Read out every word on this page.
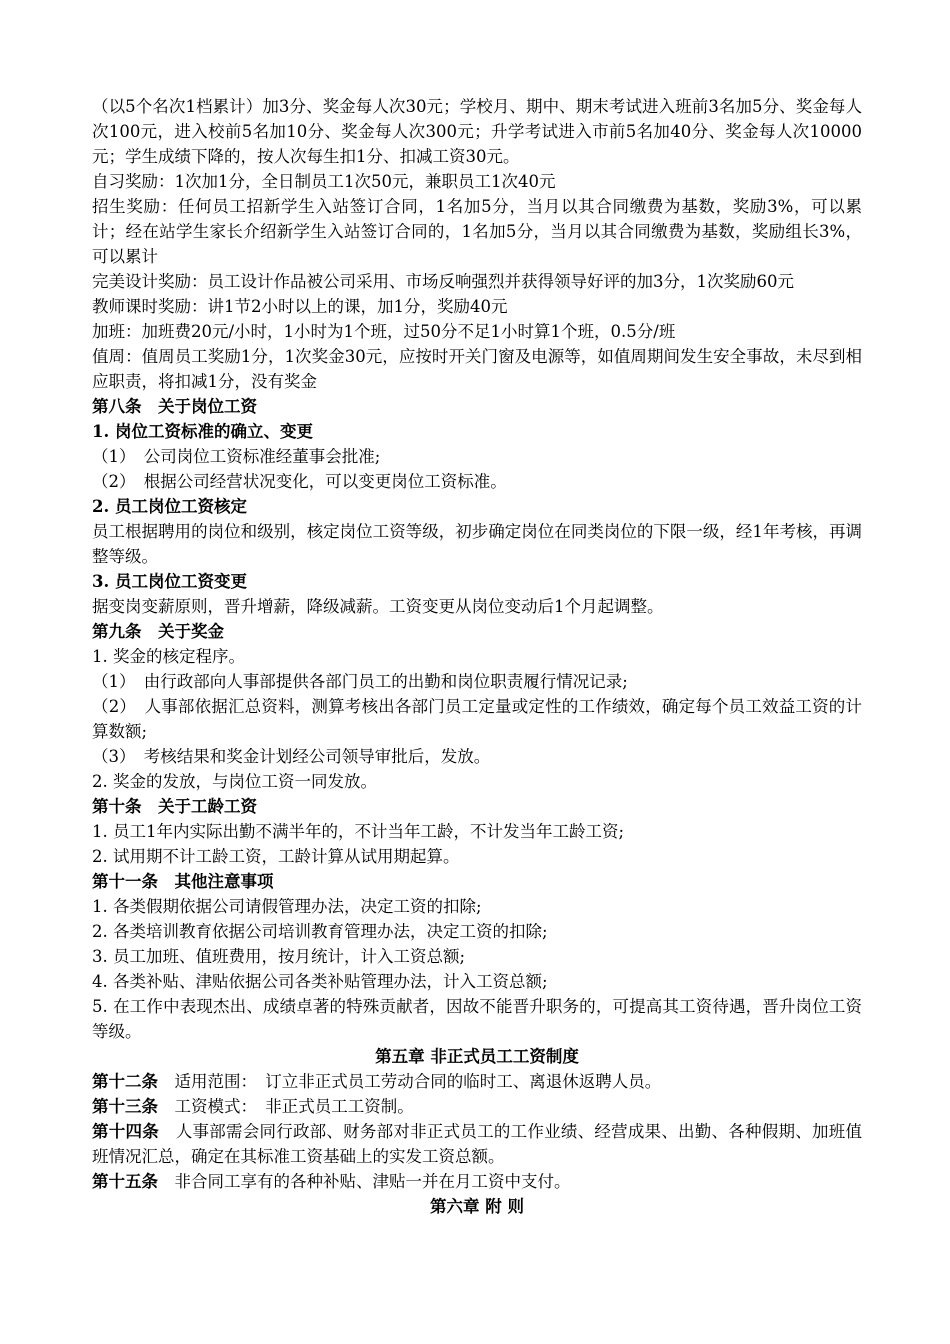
（以5个名次1档累计）加3分、奖金每人次30元；学校月、期中、期末考试进入班前3名加5分、奖金每人次100元，进入校前5名加10分、奖金每人次300元；升学考试进入市前5名加40分、奖金每人次10000元；学生成绩下降的，按人次每生扣1分、扣减工资30元。

自习奖励：1次加1分，全日制员工1次50元，兼职员工1次40元

招生奖励：任何员工招新学生入站签订合同，1名加5分，当月以其合同缴费为基数，奖励3%，可以累计；经在站学生家长介绍新学生入站签订合同的，1名加5分，当月以其合同缴费为基数，奖励组长3%，可以累计

完美设计奖励：员工设计作品被公司采用、市场反响强烈并获得领导好评的加3分，1次奖励60元

教师课时奖励：讲1节2小时以上的课，加1分，奖励40元

加班：加班费20元/小时，1小时为1个班，过50分不足1小时算1个班，0.5分/班

值周：值周员工奖励1分，1次奖金30元，应按时开关门窗及电源等，如值周期间发生安全事故，未尽到相应职责，将扣减1分，没有奖金

第八条　关于岗位工资

1. 岗位工资标准的确立、变更

（1）　公司岗位工资标准经董事会批准;

（2）　根据公司经营状况变化，可以变更岗位工资标准。

2. 员工岗位工资核定

员工根据聘用的岗位和级别，核定岗位工资等级，初步确定岗位在同类岗位的下限一级，经1年考核，再调整等级。

3. 员工岗位工资变更

据变岗变薪原则，晋升增薪，降级减薪。工资变更从岗位变动后1个月起调整。

第九条　关于奖金

1. 奖金的核定程序。

（1）　由行政部向人事部提供各部门员工的出勤和岗位职责履行情况记录;

（2）　人事部依据汇总资料，测算考核出各部门员工定量或定性的工作绩效，确定每个员工效益工资的计算数额;

（3）　考核结果和奖金计划经公司领导审批后，发放。

2. 奖金的发放，与岗位工资一同发放。

第十条　关于工龄工资

1. 员工1年内实际出勤不满半年的，不计当年工龄，不计发当年工龄工资;

2. 试用期不计工龄工资，工龄计算从试用期起算。

第十一条　其他注意事项

1. 各类假期依据公司请假管理办法，决定工资的扣除;

2. 各类培训教育依据公司培训教育管理办法，决定工资的扣除;

3. 员工加班、值班费用，按月统计，计入工资总额;

4. 各类补贴、津贴依据公司各类补贴管理办法，计入工资总额;

5. 在工作中表现杰出、成绩卓著的特殊贡献者，因故不能晋升职务的，可提高其工资待遇，晋升岗位工资等级。

第五章 非正式员工工资制度

第十二条　适用范围：　订立非正式员工劳动合同的临时工、离退休返聘人员。

第十三条　工资模式：　非正式员工工资制。

第十四条　人事部需会同行政部、财务部对非正式员工的工作业绩、经营成果、出勤、各种假期、加班值班情况汇总，确定在其标准工资基础上的实发工资总额。

第十五条　非合同工享有的各种补贴、津贴一并在月工资中支付。

第六章 附 则
